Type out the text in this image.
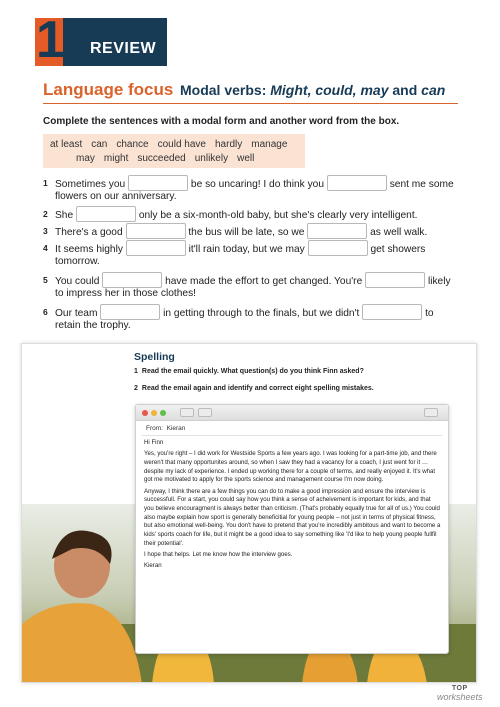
1 REVIEW
Language focus Modal verbs: Might, could, may and can
Complete the sentences with a modal form and another word from the box.
at least can chance could have hardly manage
may might succeeded unlikely well
1 Sometimes you	be so uncaring! I do think you	sent me some
flowers on our anniversary.
2 She	only be a six-month-old baby, but she's clearly very intelligent.
3 There's a good	the bus will be late, so we	as well walk.
4 It seems highly	it'll rain today, but we may	get showers
tomorrow.
5 You could	have made the effort to get changed. You're	likely
to impress her in those clothes!
6 Our team	in getting through to the finals, but we didn't	to
retain the trophy.
Spelling
1 Read the email quickly. What question(s) do you think Finn asked?
2 Read the email again and identify and correct eight spelling mistakes.
From: Kieran

Hi Finn

Yes, you're right – I did work for Westside Sports a few years ago. I was looking for a part-time job, and there weren't that many opportunites around, so when I saw they had a vacancy for a coach, I just went for it … despite my lack of experience. I ended up working there for a couple of terms, and really enjoyed it. It's what got me motivated to apply for the sports science and management course I'm now doing.

Anyway, I think there are a few things you can do to make a good impression and ensure the interview is successfull. For a start, you could say how you think a sense of acheivement is important for kids, and that you believe encouragment is always better than criticism. (That's probably equally true for all of us.) You could also maybe explain how sport is generally beneficitial for young people – not just in terms of physical fitness, but also emotional well-being. You don't have to pretend that you're incredibly ambitous and want to become a kids' sports coach for life, but it might be a good idea to say something like 'I'd like to help young people fullfil their potential'.

I hope that helps. Let me know how the interview goes.

Kieran

TOP
worksheets
